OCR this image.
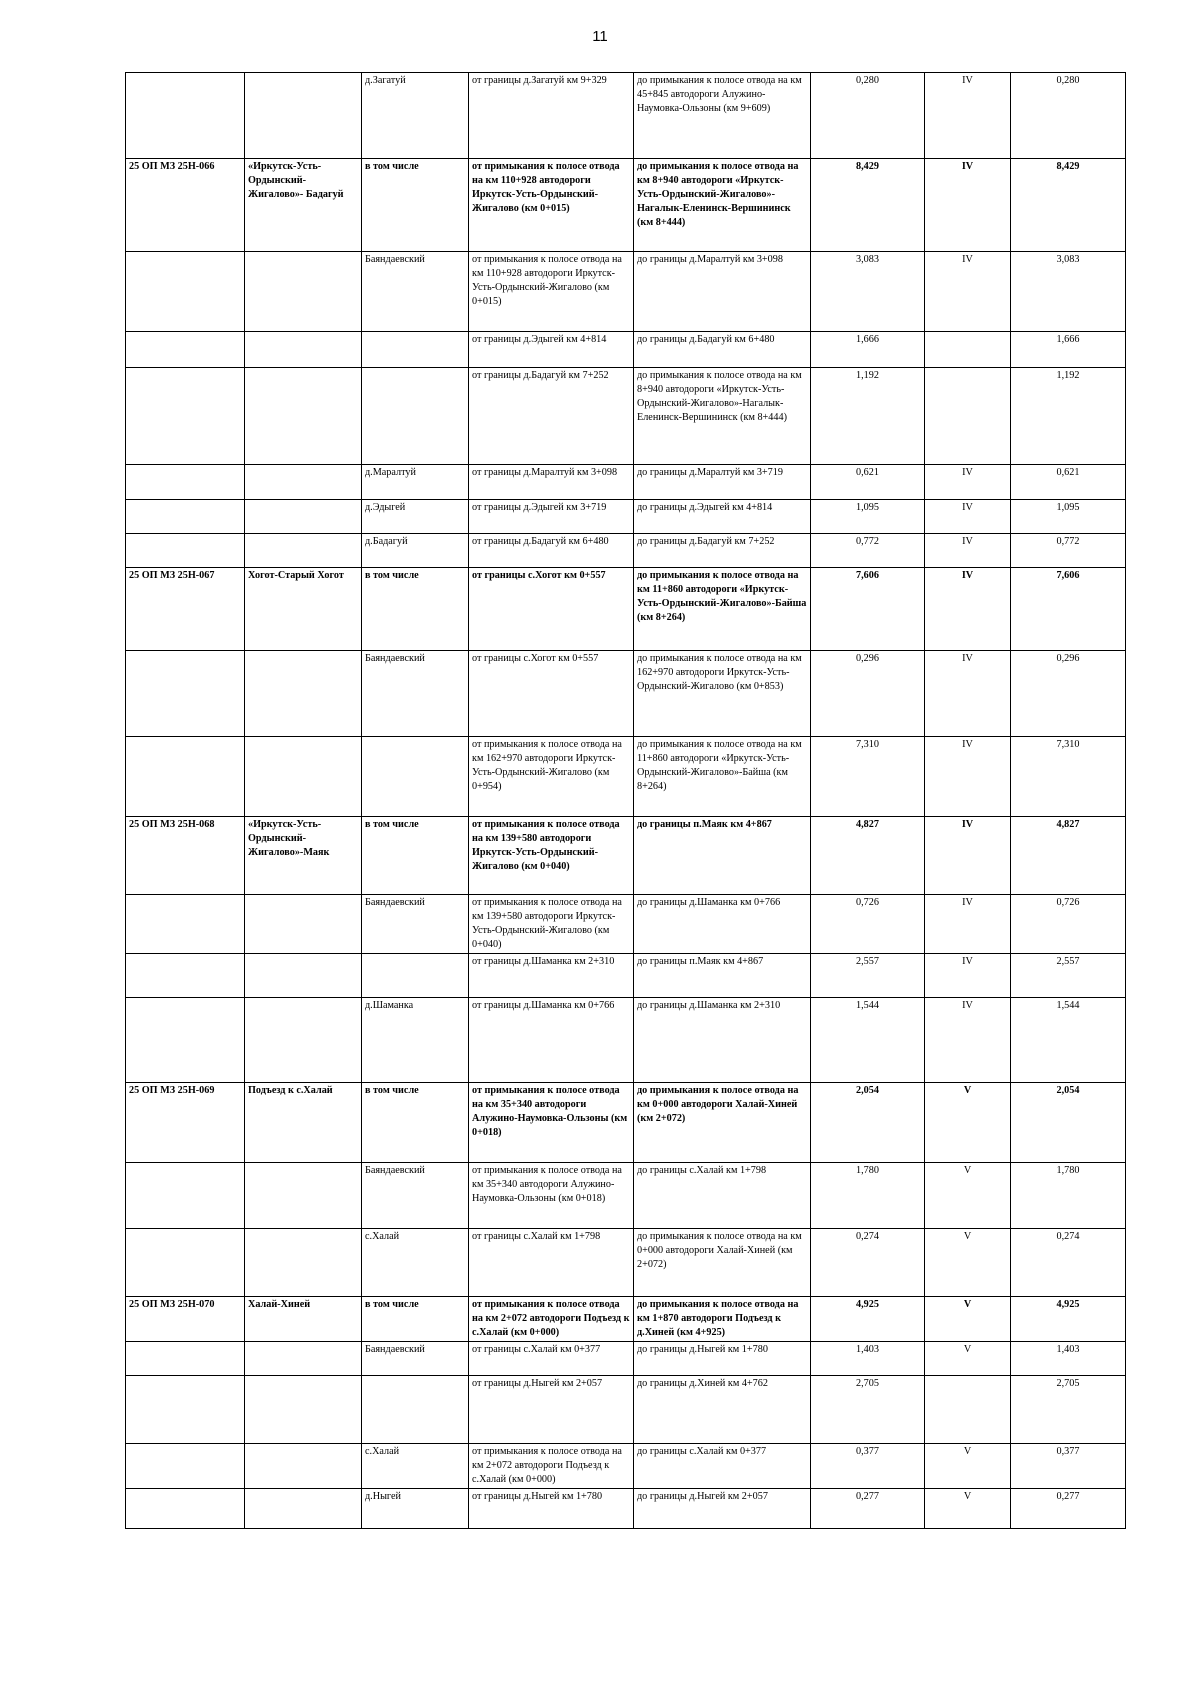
11
		д.Загатуй	от границы д.Загатуй км 9+329	до примыкания к полосе отвода на км 45+845 автодороги Алужино-Наумовка-Ользоны (км 9+609)	0,280	IV	0,280
25 ОП МЗ 25Н-066	«Иркутск-Усть-Ордынский-Жигалово»- Бадагуй	в том числе	от примыкания к полосе отвода на км 110+928 автодороги Иркутск-Усть-Ордынский-Жигалово (км 0+015)	до примыкания к полосе отвода на км 8+940 автодороги «Иркутск-Усть-Ордынский-Жигалово»-Нагалык-Еленинск-Вершининск (км 8+444)	8,429	IV	8,429
		Баяндаевский	от примыкания к полосе отвода на км 110+928 автодороги Иркутск-Усть-Ордынский-Жигалово (км 0+015)	до границы д.Маралтуй км 3+098	3,083	IV	3,083
			от границы д.Эдыгей км 4+814	до границы д.Бадагуй км 6+480	1,666		1,666
			от границы д.Бадагуй км 7+252	до примыкания к полосе отвода на км 8+940 автодороги «Иркутск-Усть-Ордынский-Жигалово»-Нагалык-Еленинск-Вершининск (км 8+444)	1,192		1,192
		д.Маралтуй	от границы д.Маралтуй км 3+098	до границы д.Маралтуй км 3+719	0,621	IV	0,621
		д.Эдыгей	от границы д.Эдыгей км 3+719	до границы д.Эдыгей км 4+814	1,095	IV	1,095
		д.Бадагуй	от границы д.Бадагуй км 6+480	до границы д.Бадагуй км 7+252	0,772	IV	0,772
25 ОП МЗ 25Н-067	Хогот-Старый Хогот	в том числе	от границы с.Хогот км 0+557	до примыкания к полосе отвода на км 11+860 автодороги «Иркутск-Усть-Ордынский-Жигалово»-Байша (км 8+264)	7,606	IV	7,606
		Баяндаевский	от границы с.Хогот км 0+557	до примыкания к полосе отвода на км 162+970 автодороги Иркутск-Усть-Ордынский-Жигалово (км 0+853)	0,296	IV	0,296
			от примыкания к полосе отвода на км 162+970 автодороги Иркутск-Усть-Ордынский-Жигалово (км 0+954)	до примыкания к полосе отвода на км 11+860 автодороги «Иркутск-Усть-Ордынский-Жигалово»-Байша (км 8+264)	7,310	IV	7,310
25 ОП МЗ 25Н-068	«Иркутск-Усть-Ордынский-Жигалово»-Маяк	в том числе	от примыкания к полосе отвода на км 139+580 автодороги Иркутск-Усть-Ордынский-Жигалово (км 0+040)	до границы п.Маяк км 4+867	4,827	IV	4,827
		Баяндаевский	от примыкания к полосе отвода на км 139+580 автодороги Иркутск-Усть-Ордынский-Жигалово (км 0+040)	до границы д.Шаманка км 0+766	0,726	IV	0,726
			от границы д.Шаманка км 2+310	до границы п.Маяк км 4+867	2,557	IV	2,557
		д.Шаманка	от границы д.Шаманка км 0+766	до границы д.Шаманка км 2+310	1,544	IV	1,544
25 ОП МЗ 25Н-069	Подъезд к с.Халай	в том числе	от примыкания к полосе отвода на км 35+340 автодороги Алужино-Наумовка-Ользоны (км 0+018)	до примыкания к полосе отвода на км 0+000 автодороги Халай-Хиней (км 2+072)	2,054	V	2,054
		Баяндаевский	от примыкания к полосе отвода на км 35+340 автодороги Алужино-Наумовка-Ользоны (км 0+018)	до границы с.Халай км 1+798	1,780	V	1,780
		с.Халай	от границы с.Халай км 1+798	до примыкания к полосе отвода на км 0+000 автодороги Халай-Хиней (км 2+072)	0,274	V	0,274
25 ОП МЗ 25Н-070	Халай-Хиней	в том числе	от примыкания к полосе отвода на км 2+072 автодороги Подъезд к с.Халай (км 0+000)	до примыкания к полосе отвода на км 1+870 автодороги Подъезд к д.Хиней (км 4+925)	4,925	V	4,925
		Баяндаевский	от границы с.Халай км 0+377	до границы д.Ныгей км 1+780	1,403	V	1,403
			от границы д.Ныгей км 2+057	до границы д.Хиней км 4+762	2,705		2,705
		с.Халай	от примыкания к полосе отвода на км 2+072 автодороги Подъезд к с.Халай (км 0+000)	до границы с.Халай км 0+377	0,377	V	0,377
		д.Ныгей	от границы д.Ныгей км 1+780	до границы д.Ныгей км 2+057	0,277	V	0,277
